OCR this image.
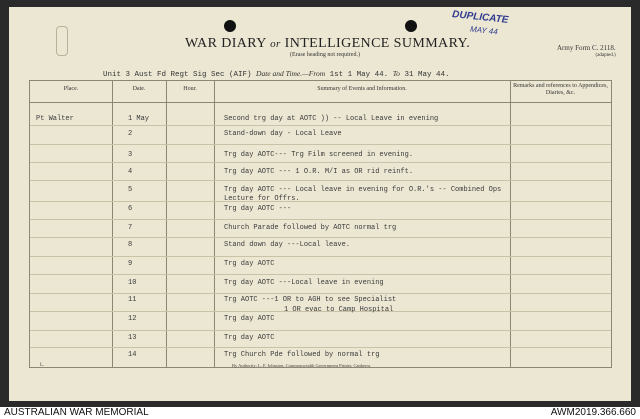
WAR DIARY or INTELLIGENCE SUMMARY.
(Erase heading not required.)
Army Form C. 2118.
(adapted.)
DUPLICATE
MAY 44
Unit 3 Aust Fd Regt Sig Sec (AIF) Date and Time.—From 1st 1 May 44. To 31 May 44.
Place.	Date.	Hour.	Summary of Events and Information.	Remarks and references to Appendices, Diaries, &c.
Pt Walter	1 May	Second trg day at AOTC )) -- Local Leave in evening
2	Stand-down day - Local Leave
3	Trg day AOTC--- Trg Film screened in evening.
4	Trg day AOTC --- 1 O.R. M/I as OR rid reinft.
5	Trg day AOTC --- Local leave in evening for O.R.'s -- Combined Ops
Lecture for Offrs.
6	Trg day AOTC ---
7	Church Parade followed by AOTC normal trg
8	Stand down day ---Local leave.
9	Trg day AOTC
10	Trg day AOTC ---Local leave in evening
11	Trg AOTC ---1 OR to AGH to see Specialist
1 OR evac to Camp Hospital
12	Trg day AOTC
13	Trg day AOTC
14	Trg Church Pde followed by normal trg
L.	By Authority: L. F. Johnston, Commonwealth Government Printer, Canberra.
AUSTRALIAN WAR MEMORIAL	AWM2019.366.660
